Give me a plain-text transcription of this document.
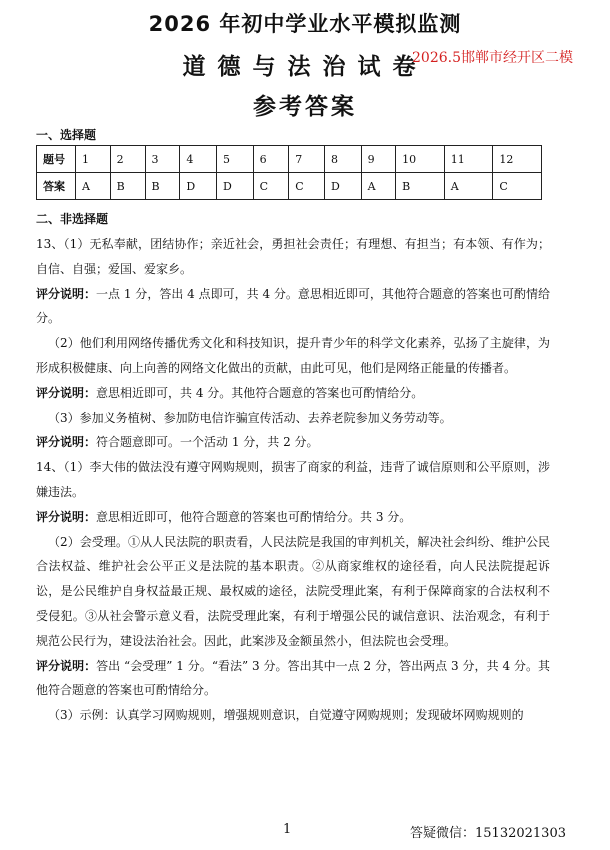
2026 年初中学业水平模拟监测
道德与法治试卷
参考答案
2026.5邯郸市经开区二模
一、选择题
题号	1	2	3	4	5	6	7	8	9	10	11	12
答案	A	B	B	D	D	C	C	D	A	B	A	C
二、非选择题

13、（1）无私奉献，团结协作；亲近社会，勇担社会责任；有理想、有担当；有本领、有作为；自信、自强；爱国、爱家乡。

评分说明：一点 1 分，答出 4 点即可，共 4 分。意思相近即可，其他符合题意的答案也可酌情给分。

（2）他们利用网络传播优秀文化和科技知识，提升青少年的科学文化素养，弘扬了主旋律，为形成积极健康、向上向善的网络文化做出的贡献，由此可见，他们是网络正能量的传播者。

评分说明：意思相近即可，共 4 分。其他符合题意的答案也可酌情给分。

（3）参加义务植树、参加防电信诈骗宣传活动、去养老院参加义务劳动等。

评分说明：符合题意即可。一个活动 1 分，共 2 分。

14、（1）李大伟的做法没有遵守网购规则，损害了商家的利益，违背了诚信原则和公平原则，涉嫌违法。

评分说明：意思相近即可，他符合题意的答案也可酌情给分。共 3 分。

（2）会受理。①从人民法院的职责看，人民法院是我国的审判机关，解决社会纠纷、维护公民合法权益、维护社会公平正义是法院的基本职责。②从商家维权的途径看，向人民法院提起诉讼，是公民维护自身权益最正规、最权威的途径，法院受理此案，有利于保障商家的合法权利不受侵犯。③从社会警示意义看，法院受理此案，有利于增强公民的诚信意识、法治观念，有利于规范公民行为，建设法治社会。因此，此案涉及金额虽然小，但法院也会受理。

评分说明：答出 “会受理” 1 分。“看法” 3 分。答出其中一点 2 分，答出两点 3 分，共 4 分。其他符合题意的答案也可酌情给分。

（3）示例：认真学习网购规则，增强规则意识，自觉遵守网购规则；发现破坏网购规则的

1	答疑微信：15132021303
